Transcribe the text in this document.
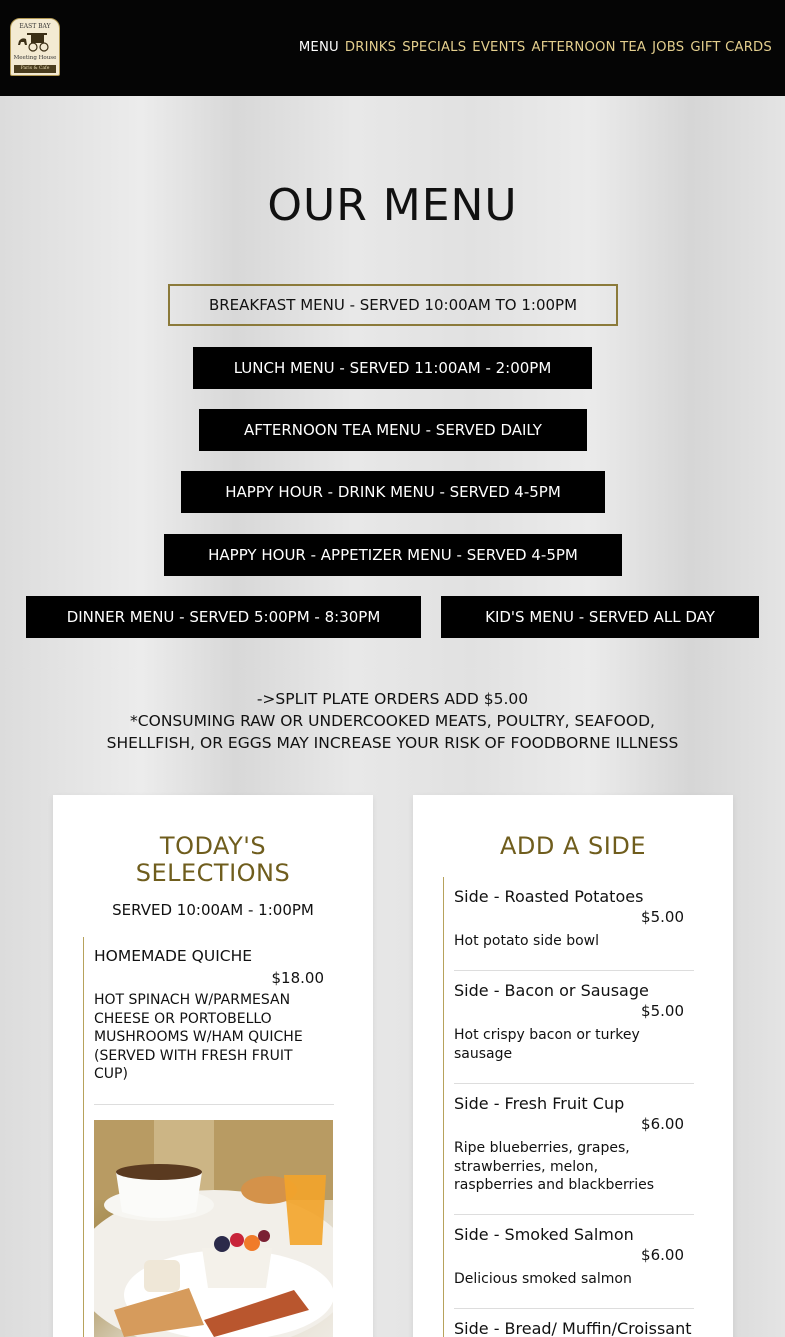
EAST BAY
Meeting House
Paris & Cafe
MENU DRINKS SPECIALS EVENTS AFTERNOON TEA JOBS GIFT CARDS
OUR MENU
BREAKFAST MENU - SERVED 10:00AM TO 1:00PM
LUNCH MENU - SERVED 11:00AM - 2:00PM
AFTERNOON TEA MENU - SERVED DAILY
HAPPY HOUR - DRINK MENU - SERVED 4-5PM
HAPPY HOUR - APPETIZER MENU - SERVED 4-5PM
DINNER MENU - SERVED 5:00PM - 8:30PM	KID'S MENU - SERVED ALL DAY
->SPLIT PLATE ORDERS ADD $5.00
*CONSUMING RAW OR UNDERCOOKED MEATS, POULTRY, SEAFOOD,
SHELLFISH, OR EGGS MAY INCREASE YOUR RISK OF FOODBORNE ILLNESS
TODAY'S
SELECTIONS
SERVED 10:00AM - 1:00PM
HOMEMADE QUICHE
$18.00
HOT SPINACH W/PARMESAN CHEESE OR PORTOBELLO MUSHROOMS W/HAM QUICHE (SERVED WITH FRESH FRUIT CUP)
ADD A SIDE
Side - Roasted Potatoes
$5.00
Hot potato side bowl
Side - Bacon or Sausage
$5.00
Hot crispy bacon or turkey sausage
Side - Fresh Fruit Cup
$6.00
Ripe blueberries, grapes, strawberries, melon, raspberries and blackberries
Side - Smoked Salmon
$6.00
Delicious smoked salmon
Side - Bread/ Muffin/Croissant
